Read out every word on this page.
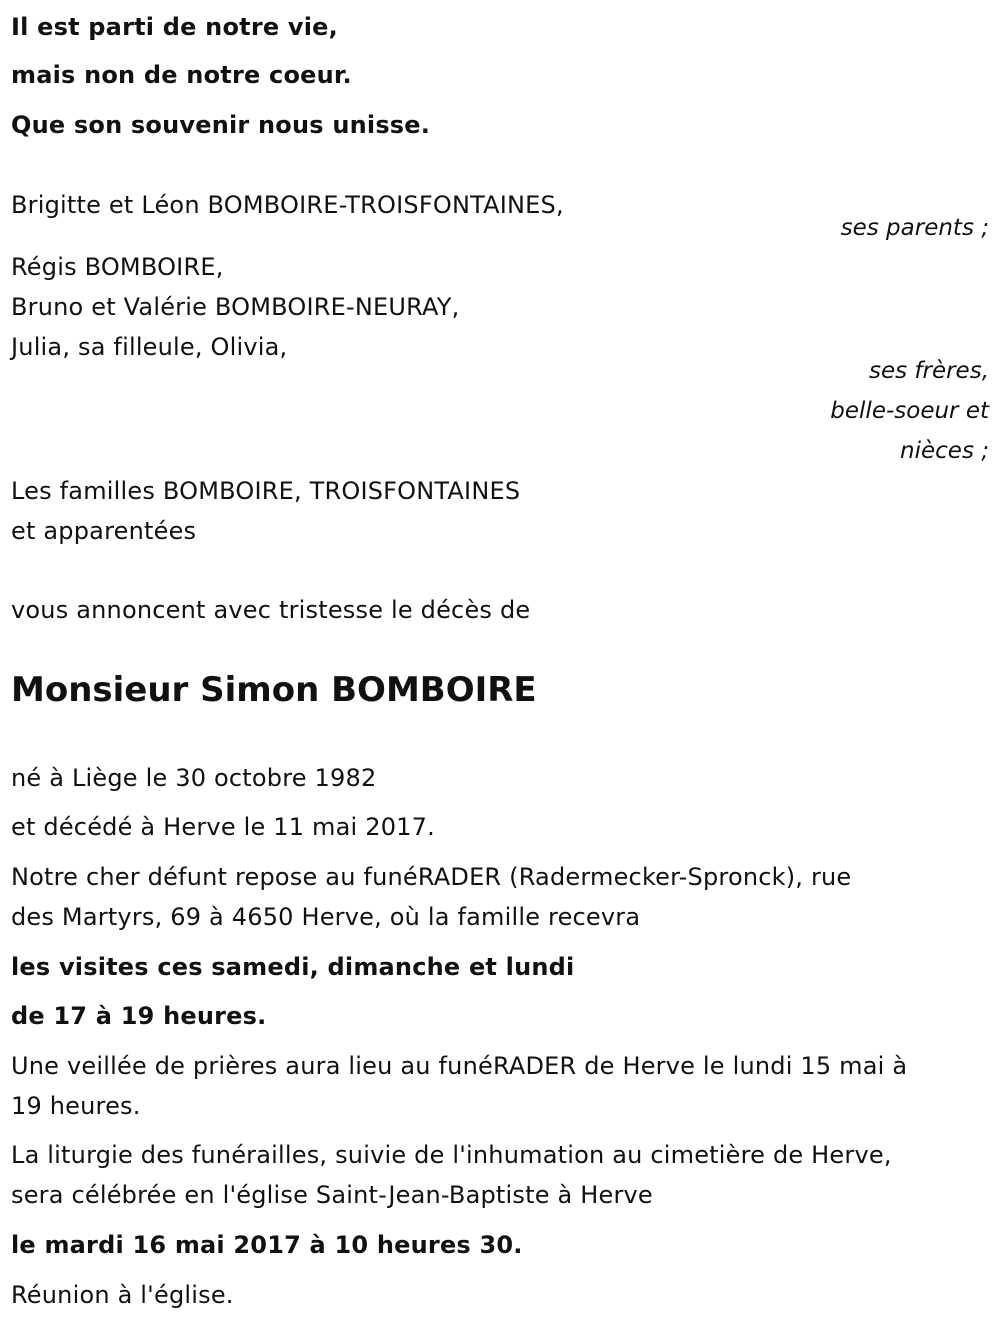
Il est parti de notre vie,
mais non de notre coeur.
Que son souvenir nous unisse.
Brigitte et Léon BOMBOIRE-TROISFONTAINES,
ses parents ;
Régis BOMBOIRE,
Bruno et Valérie BOMBOIRE-NEURAY,
Julia, sa filleule, Olivia,
ses frères,
belle-soeur et
nièces ;
Les familles BOMBOIRE, TROISFONTAINES
et apparentées
vous annoncent avec tristesse le décès de
Monsieur Simon BOMBOIRE
né à Liège le 30 octobre 1982
et décédé à Herve le 11 mai 2017.
Notre cher défunt repose au funéRADER (Radermecker-Spronck), rue
des Martyrs, 69 à 4650 Herve, où la famille recevra
les visites ces samedi, dimanche et lundi
de 17 à 19 heures.
Une veillée de prières aura lieu au funéRADER de Herve le lundi 15 mai à
19 heures.
La liturgie des funérailles, suivie de l'inhumation au cimetière de Herve,
sera célébrée en l'église Saint-Jean-Baptiste à Herve
le mardi 16 mai 2017 à 10 heures 30.
Réunion à l'église.
